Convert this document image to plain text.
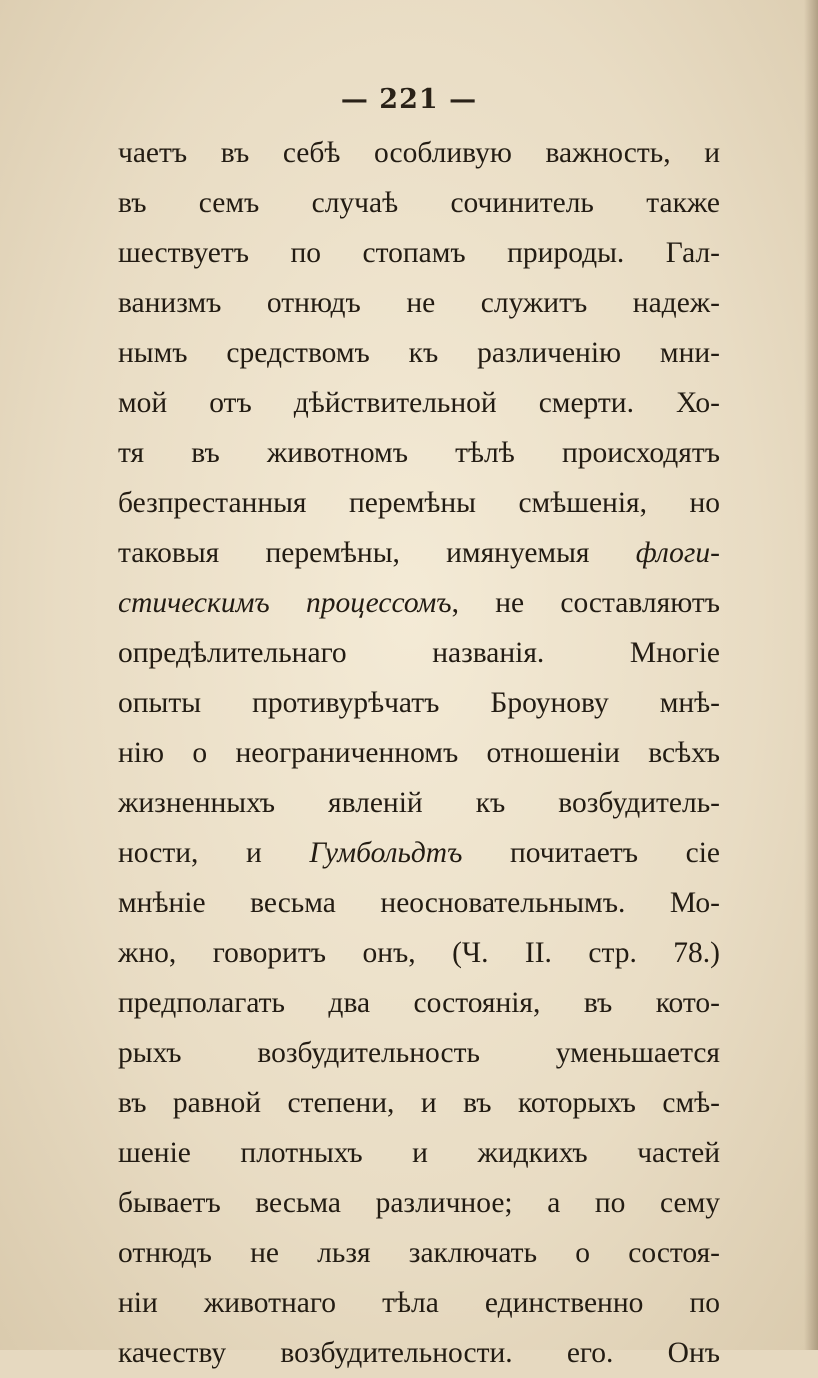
— 221 —
чаетъ въ себѣ особливую важность, и
въ семъ случаѣ сочинитель также
шествуетъ по стопамъ природы. Гал-
ванизмъ отнюдъ не служитъ надеж-
нымъ средствомъ къ различенію мни-
мой отъ дѣйствительной смерти. Хо-
тя въ животномъ тѣлѣ происходятъ
безпрестанныя перемѣны смѣшенія, но
таковыя перемѣны, имянуемыя флоги-
стическимъ процессомъ, не составляютъ
опредѣлительнаго названія. Многіе
опыты противурѣчатъ Броунову мнѣ-
нію о неограниченномъ отношеніи всѣхъ
жизненныхъ явленій къ возбудитель-
ности, и Гумбольдтъ почитаетъ сіе
мнѣніе весьма неосновательнымъ. Мо-
жно, говоритъ онъ, (Ч. II. стр. 78.)
предполагать два состоянія, въ кото-
рыхъ возбудительность уменьшается
въ равной степени, и въ которыхъ смѣ-
шеніе плотныхъ и жидкихъ частей
бываетъ весьма различное; а по сему
отнюдъ не льзя заключать о состоя-
ніи животнаго тѣла единственно по
качеству возбудительности. его. Онъ
